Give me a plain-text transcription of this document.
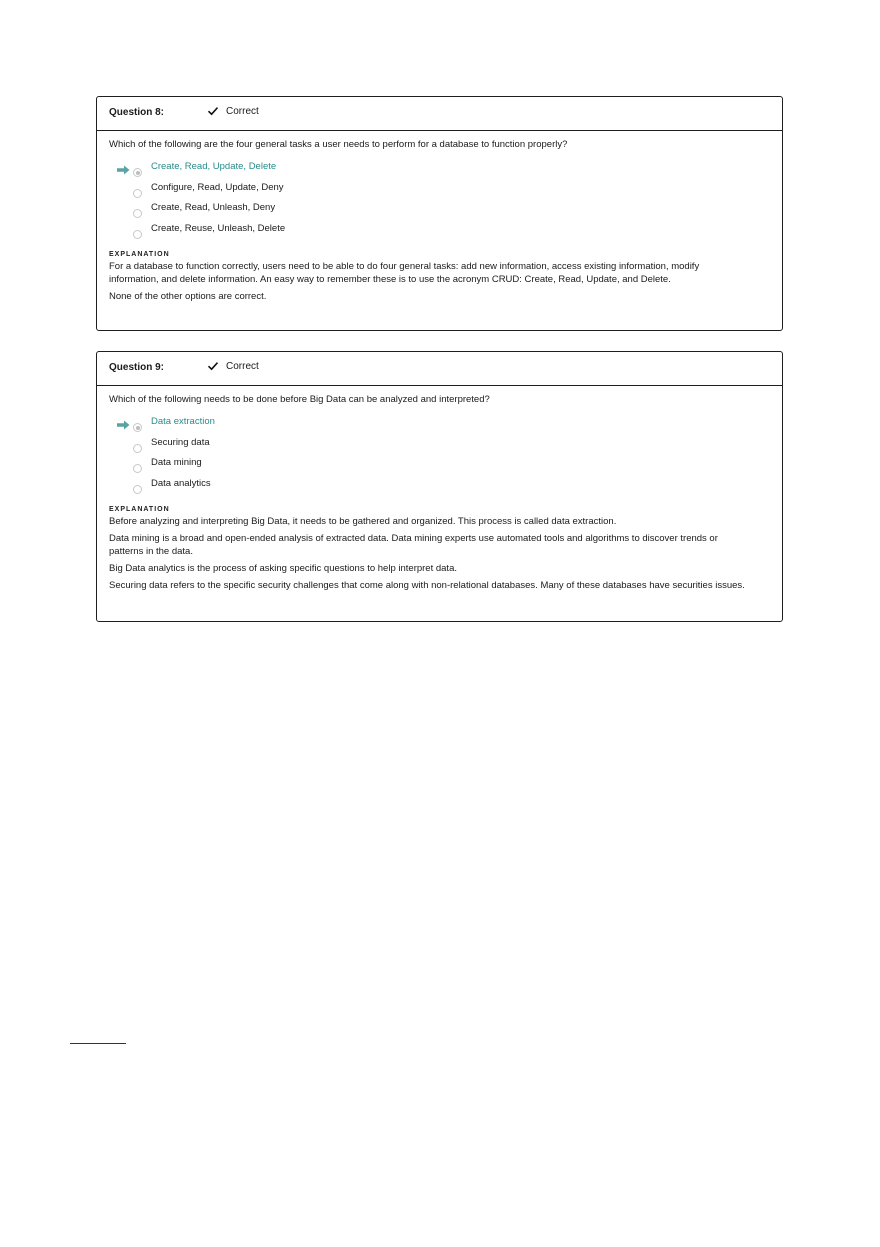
Question 8:	Correct

Which of the following are the four general tasks a user needs to perform for a database to function properly?

Create, Read, Update, Delete
Configure, Read, Update, Deny
Create, Read, Unleash, Deny
Create, Reuse, Unleash, Delete
EXPLANATION

For a database to function correctly, users need to be able to do four general tasks: add new information, access existing information, modify information, and delete information. An easy way to remember these is to use the acronym CRUD: Create, Read, Update, and Delete.

None of the other options are correct.

Question 9:	Correct

Which of the following needs to be done before Big Data can be analyzed and interpreted?

Data extraction
Securing data
Data mining
Data analytics
EXPLANATION

Before analyzing and interpreting Big Data, it needs to be gathered and organized. This process is called data extraction.

Data mining is a broad and open-ended analysis of extracted data. Data mining experts use automated tools and algorithms to discover trends or patterns in the data.

Big Data analytics is the process of asking specific questions to help interpret data.

Securing data refers to the specific security challenges that come along with non-relational databases. Many of these databases have securities issues.
